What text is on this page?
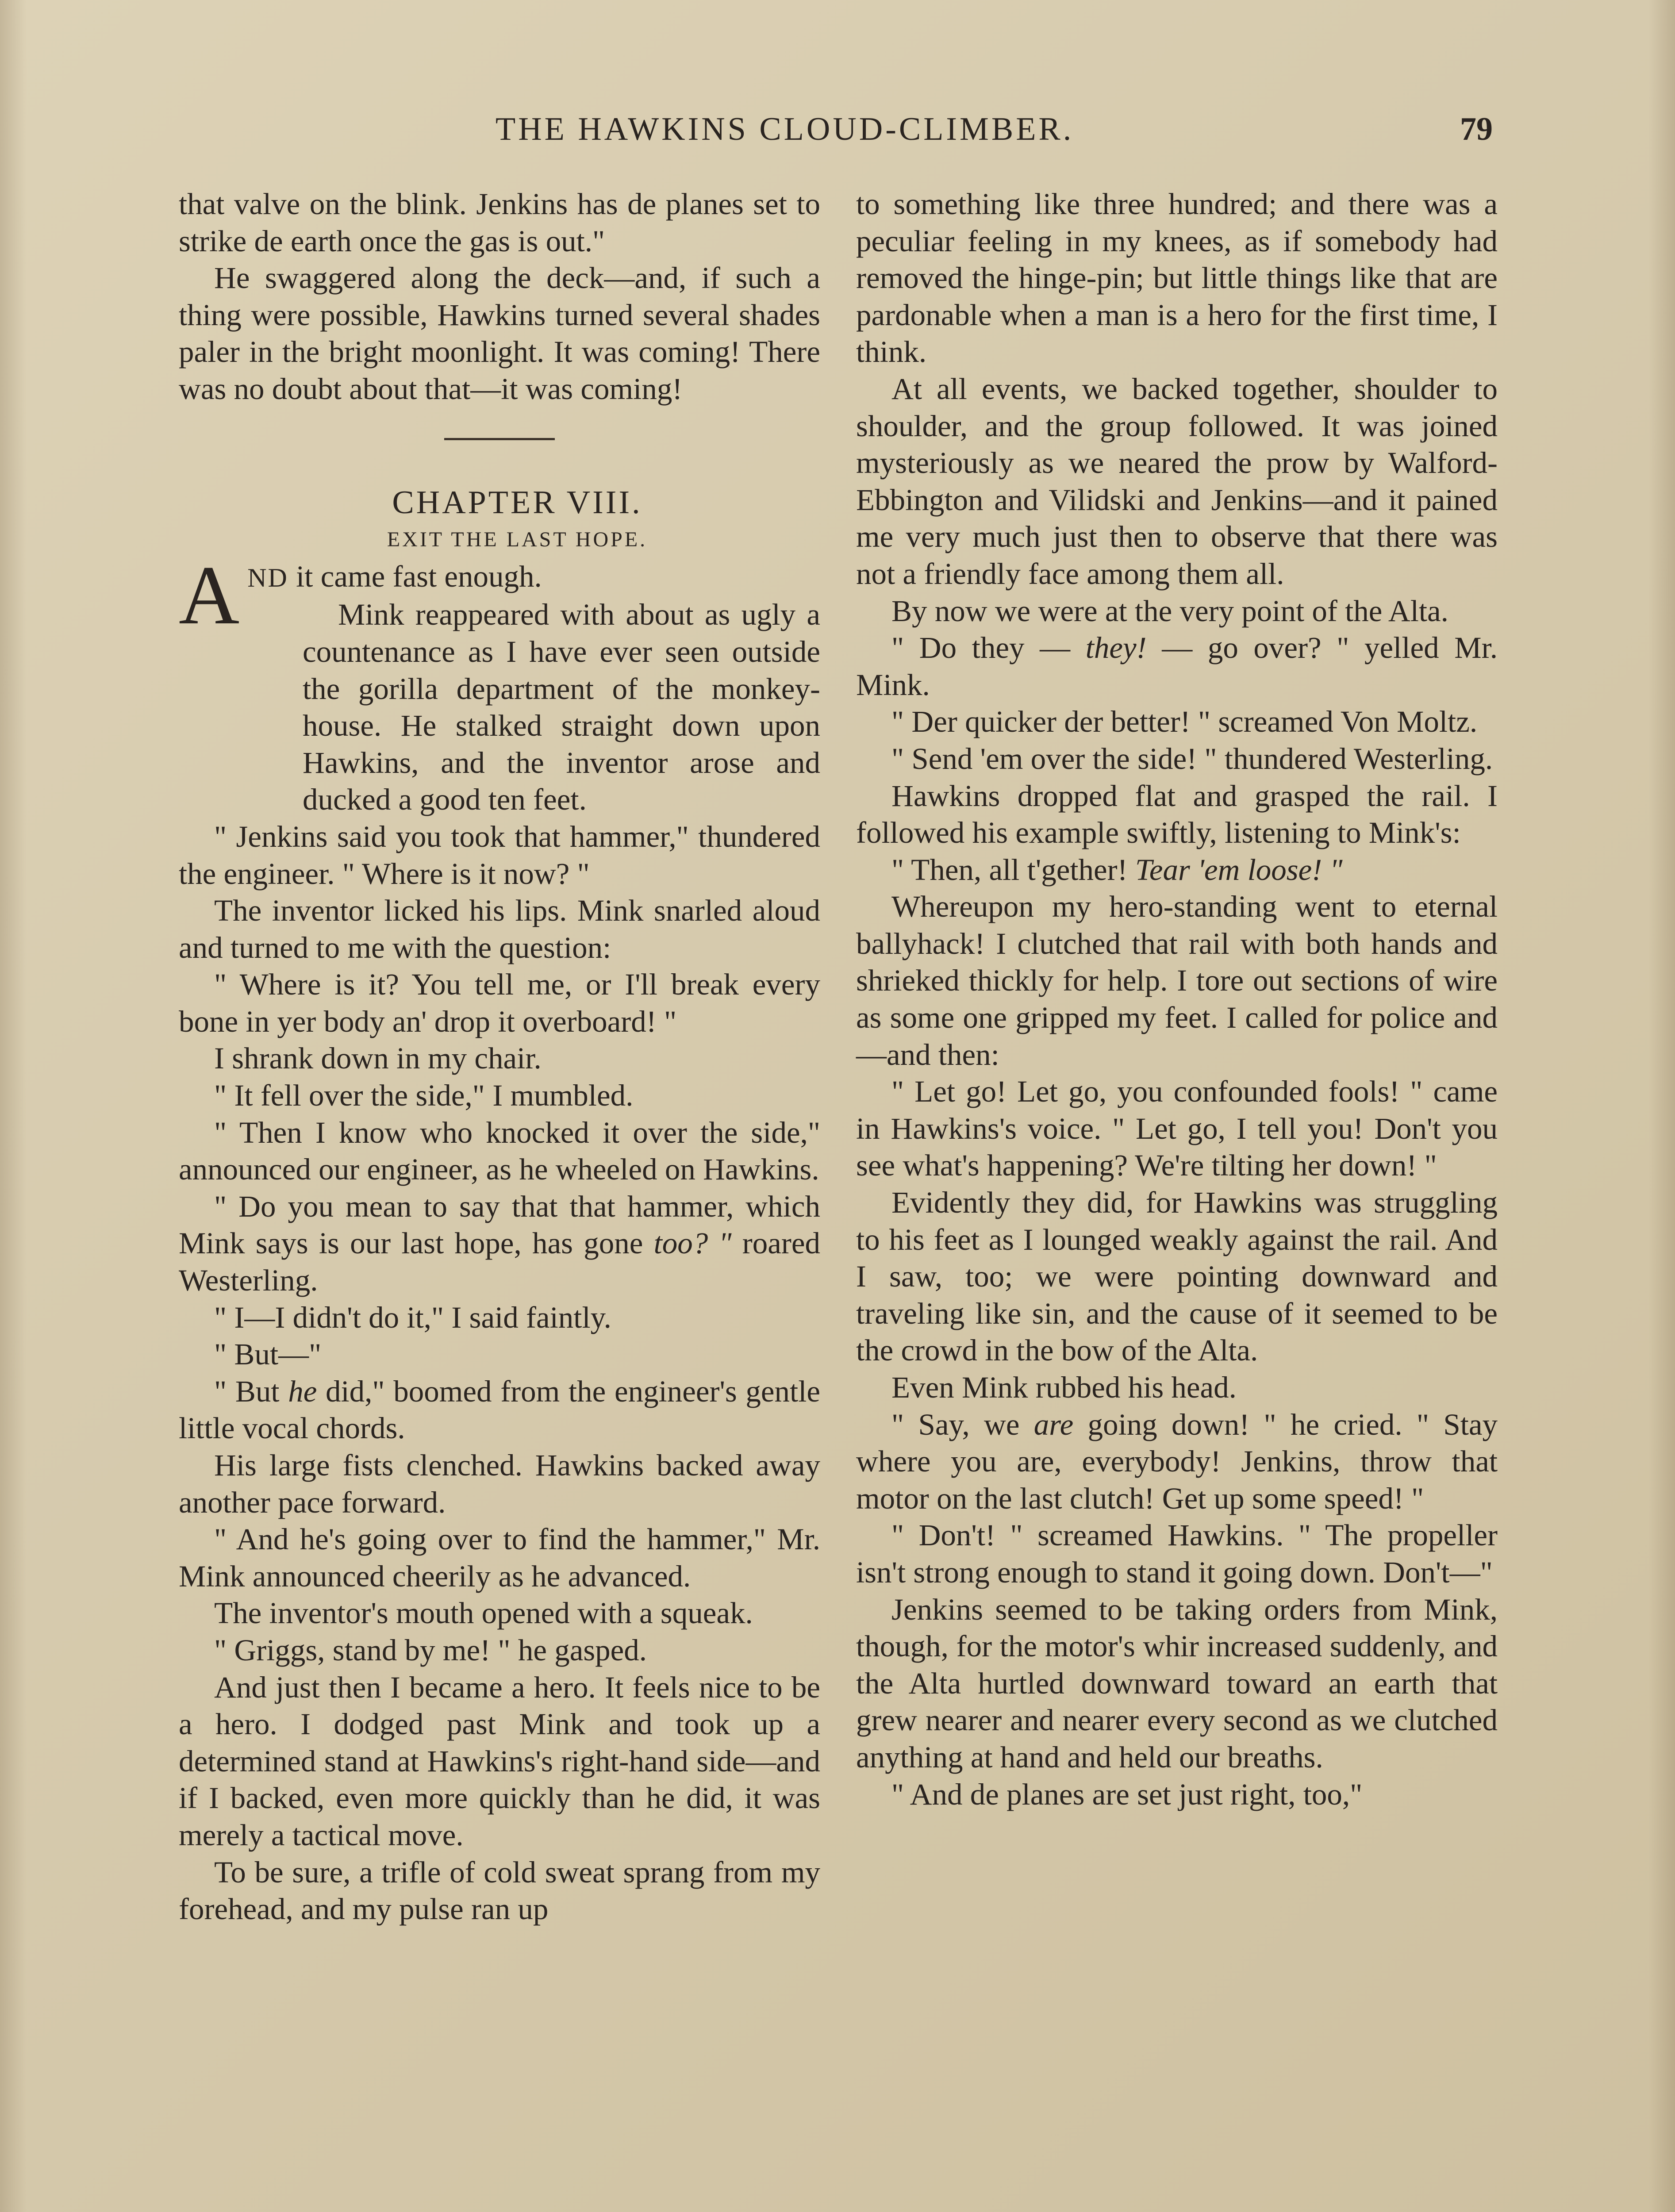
THE HAWKINS CLOUD-CLIMBER.	79

that valve on the blink. Jenkins has de planes set to strike de earth once the gas is out."

He swaggered along the deck—and, if such a thing were possible, Hawkins turned several shades paler in the bright moonlight. It was coming! There was no doubt about that—it was coming!

CHAPTER VIII.

EXIT THE LAST HOPE.

AND it came fast enough.

Mink reappeared with about as ugly a countenance as I have ever seen outside the gorilla department of the monkey-house. He stalked straight down upon Hawkins, and the inventor arose and ducked a good ten feet.

" Jenkins said you took that hammer," thundered the engineer. " Where is it now? "

The inventor licked his lips. Mink snarled aloud and turned to me with the question:

" Where is it? You tell me, or I'll break every bone in yer body an' drop it overboard! "

I shrank down in my chair.

" It fell over the side," I mumbled.

" Then I know who knocked it over the side," announced our engineer, as he wheeled on Hawkins.

" Do you mean to say that that hammer, which Mink says is our last hope, has gone too? " roared Westerling.

" I—I didn't do it," I said faintly.

" But—"

" But he did," boomed from the engineer's gentle little vocal chords.

His large fists clenched. Hawkins backed away another pace forward.

" And he's going over to find the hammer," Mr. Mink announced cheerily as he advanced.

The inventor's mouth opened with a squeak.

" Griggs, stand by me! " he gasped.

And just then I became a hero. It feels nice to be a hero. I dodged past Mink and took up a determined stand at Hawkins's right-hand side—and if I backed, even more quickly than he did, it was merely a tactical move.

To be sure, a trifle of cold sweat sprang from my forehead, and my pulse ran up

to something like three hundred; and there was a peculiar feeling in my knees, as if somebody had removed the hinge-pin; but little things like that are pardonable when a man is a hero for the first time, I think.

At all events, we backed together, shoulder to shoulder, and the group followed. It was joined mysteriously as we neared the prow by Walford-Ebbington and Vilidski and Jenkins—and it pained me very much just then to observe that there was not a friendly face among them all.

By now we were at the very point of the Alta.

" Do they — they! — go over? " yelled Mr. Mink.

" Der quicker der better! " screamed Von Moltz.

" Send 'em over the side! " thundered Westerling.

Hawkins dropped flat and grasped the rail. I followed his example swiftly, listening to Mink's:

" Then, all t'gether! Tear 'em loose! "

Whereupon my hero-standing went to eternal ballyhack! I clutched that rail with both hands and shrieked thickly for help. I tore out sections of wire as some one gripped my feet. I called for police and—and then:

" Let go! Let go, you confounded fools! " came in Hawkins's voice. " Let go, I tell you! Don't you see what's happening? We're tilting her down! "

Evidently they did, for Hawkins was struggling to his feet as I lounged weakly against the rail. And I saw, too; we were pointing downward and traveling like sin, and the cause of it seemed to be the crowd in the bow of the Alta.

Even Mink rubbed his head.

" Say, we are going down! " he cried. " Stay where you are, everybody! Jenkins, throw that motor on the last clutch! Get up some speed! "

" Don't! " screamed Hawkins. " The propeller isn't strong enough to stand it going down. Don't—"

Jenkins seemed to be taking orders from Mink, though, for the motor's whir increased suddenly, and the Alta hurtled downward toward an earth that grew nearer and nearer every second as we clutched anything at hand and held our breaths.

" And de planes are set just right, too,"
